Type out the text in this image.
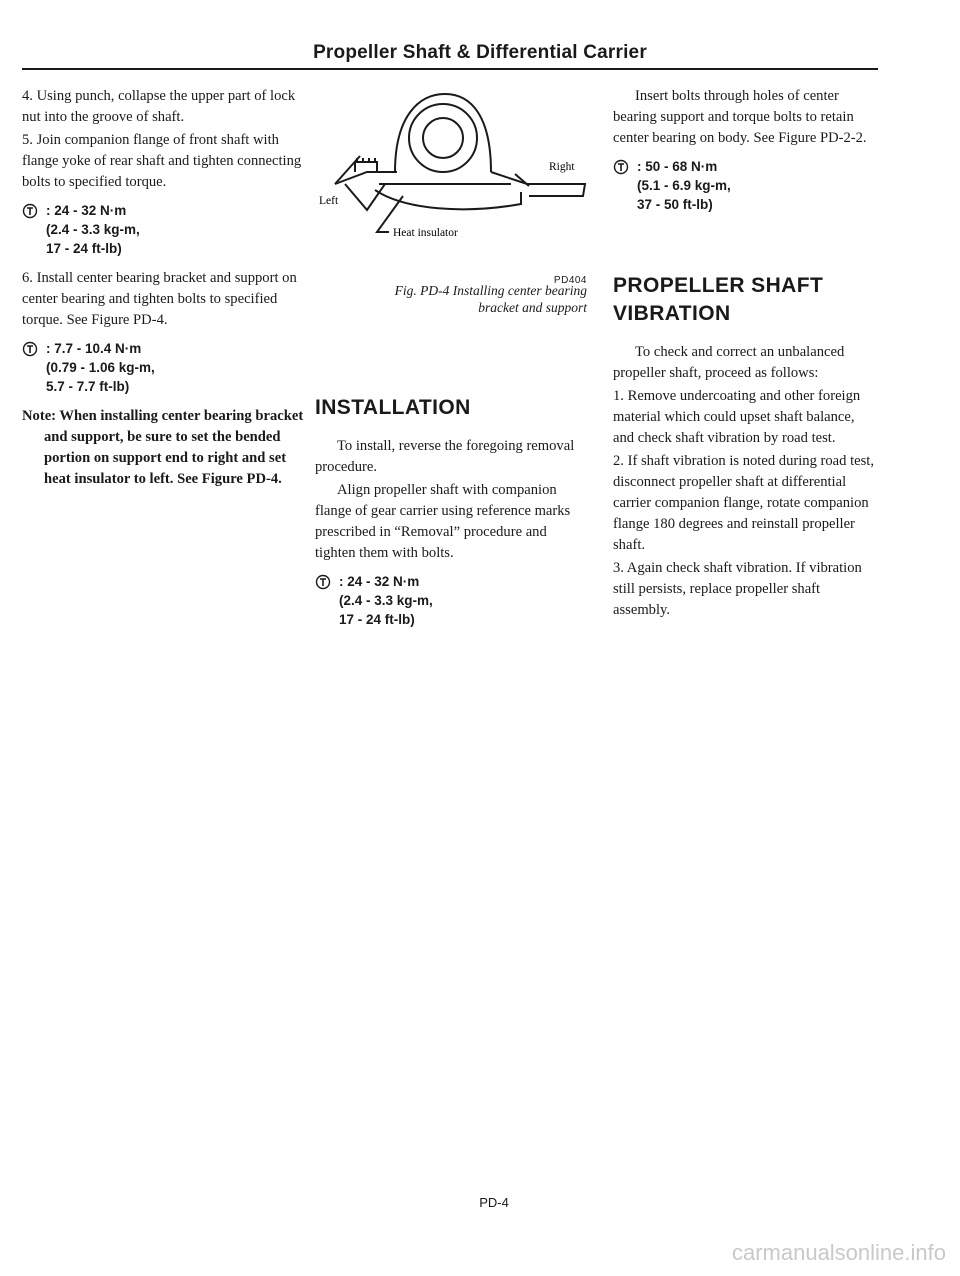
Propeller Shaft & Differential Carrier

4. Using punch, collapse the upper part of lock nut into the groove of shaft.

5. Join companion flange of front shaft with flange yoke of rear shaft and tighten connecting bolts to specified torque.

: 24 - 32 N·m
(2.4 - 3.3 kg-m,
17 - 24 ft-lb)

6. Install center bearing bracket and support on center bearing and tighten bolts to specified torque. See Figure PD-4.

: 7.7 - 10.4 N·m
(0.79 - 1.06 kg-m,
5.7 - 7.7 ft-lb)
Note: When installing center bearing bracket and support, be sure to set the bended portion on support end to right and set heat insulator to left. See Figure PD-4.
Right
Left
Heat insulator
PD404
Fig. PD-4 Installing center bearing
bracket and support
INSTALLATION

To install, reverse the foregoing removal procedure.

Align propeller shaft with companion flange of gear carrier using reference marks prescribed in “Removal” procedure and tighten them with bolts.

: 24 - 32 N·m
(2.4 - 3.3 kg-m,
17 - 24 ft-lb)

Insert bolts through holes of center bearing support and torque bolts to retain center bearing on body. See Figure PD-2-2.

: 50 - 68 N·m
(5.1 - 6.9 kg-m,
37 - 50 ft-lb)
PROPELLER SHAFT
VIBRATION

To check and correct an unbalanced propeller shaft, proceed as follows:

1. Remove undercoating and other foreign material which could upset shaft balance, and check shaft vibration by road test.

2. If shaft vibration is noted during road test, disconnect propeller shaft at differential carrier companion flange, rotate companion flange 180 degrees and reinstall propeller shaft.

3. Again check shaft vibration. If vibration still persists, replace propeller shaft assembly.

PD-4
carmanualsonline.info
